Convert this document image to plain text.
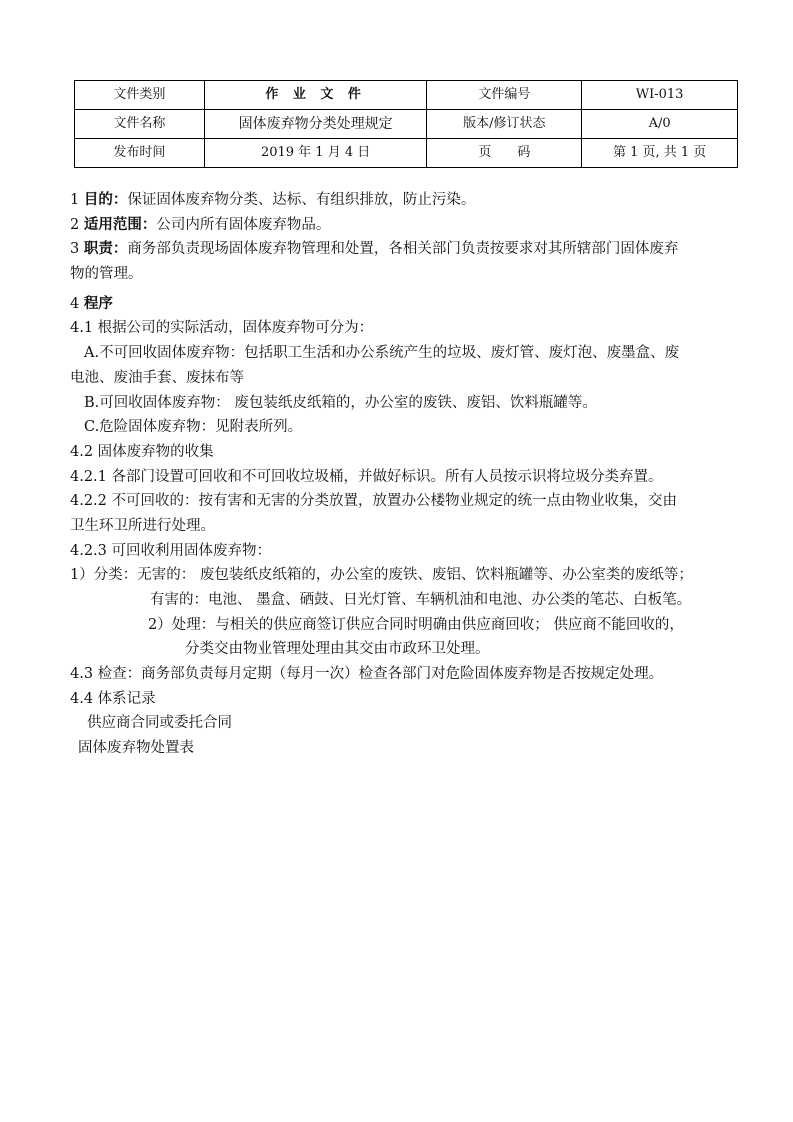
文件类别	作 业 文 件	文件编号	WI-013
文件名称	固体废弃物分类处理规定	版本/修订状态	A/0
发布时间	2019 年 1 月 4 日	页　　码	第 1 页, 共 1 页
1 目的：保证固体废弃物分类、达标、有组织排放，防止污染。
2 适用范围：公司内所有固体废弃物品。
3 职责：商务部负责现场固体废弃物管理和处置，各相关部门负责按要求对其所辖部门固体废弃
物的管理。
4 程序
4.1 根据公司的实际活动，固体废弃物可分为：
A.不可回收固体废弃物：包括职工生活和办公系统产生的垃圾、废灯管、废灯泡、废墨盒、废
电池、废油手套、废抹布等
B.可回收固体废弃物： 废包装纸皮纸箱的，办公室的废铁、废铝、饮料瓶罐等。
C.危险固体废弃物：见附表所列。
4.2 固体废弃物的收集
4.2.1 各部门设置可回收和不可回收垃圾桶，并做好标识。所有人员按示识将垃圾分类弃置。
4.2.2 不可回收的：按有害和无害的分类放置，放置办公楼物业规定的统一点由物业收集，交由
卫生环卫所进行处理。
4.2.3 可回收利用固体废弃物：
1）分类：无害的： 废包装纸皮纸箱的，办公室的废铁、废铝、饮料瓶罐等、办公室类的废纸等；
有害的：电池、 墨盒、硒鼓、日光灯管、车辆机油和电池、办公类的笔芯、白板笔。
2）处理：与相关的供应商签订供应合同时明确由供应商回收； 供应商不能回收的，
分类交由物业管理处理由其交由市政环卫处理。
4.3 检查：商务部负责每月定期（每月一次）检查各部门对危险固体废弃物是否按规定处理。
4.4 体系记录
供应商合同或委托合同
固体废弃物处置表
